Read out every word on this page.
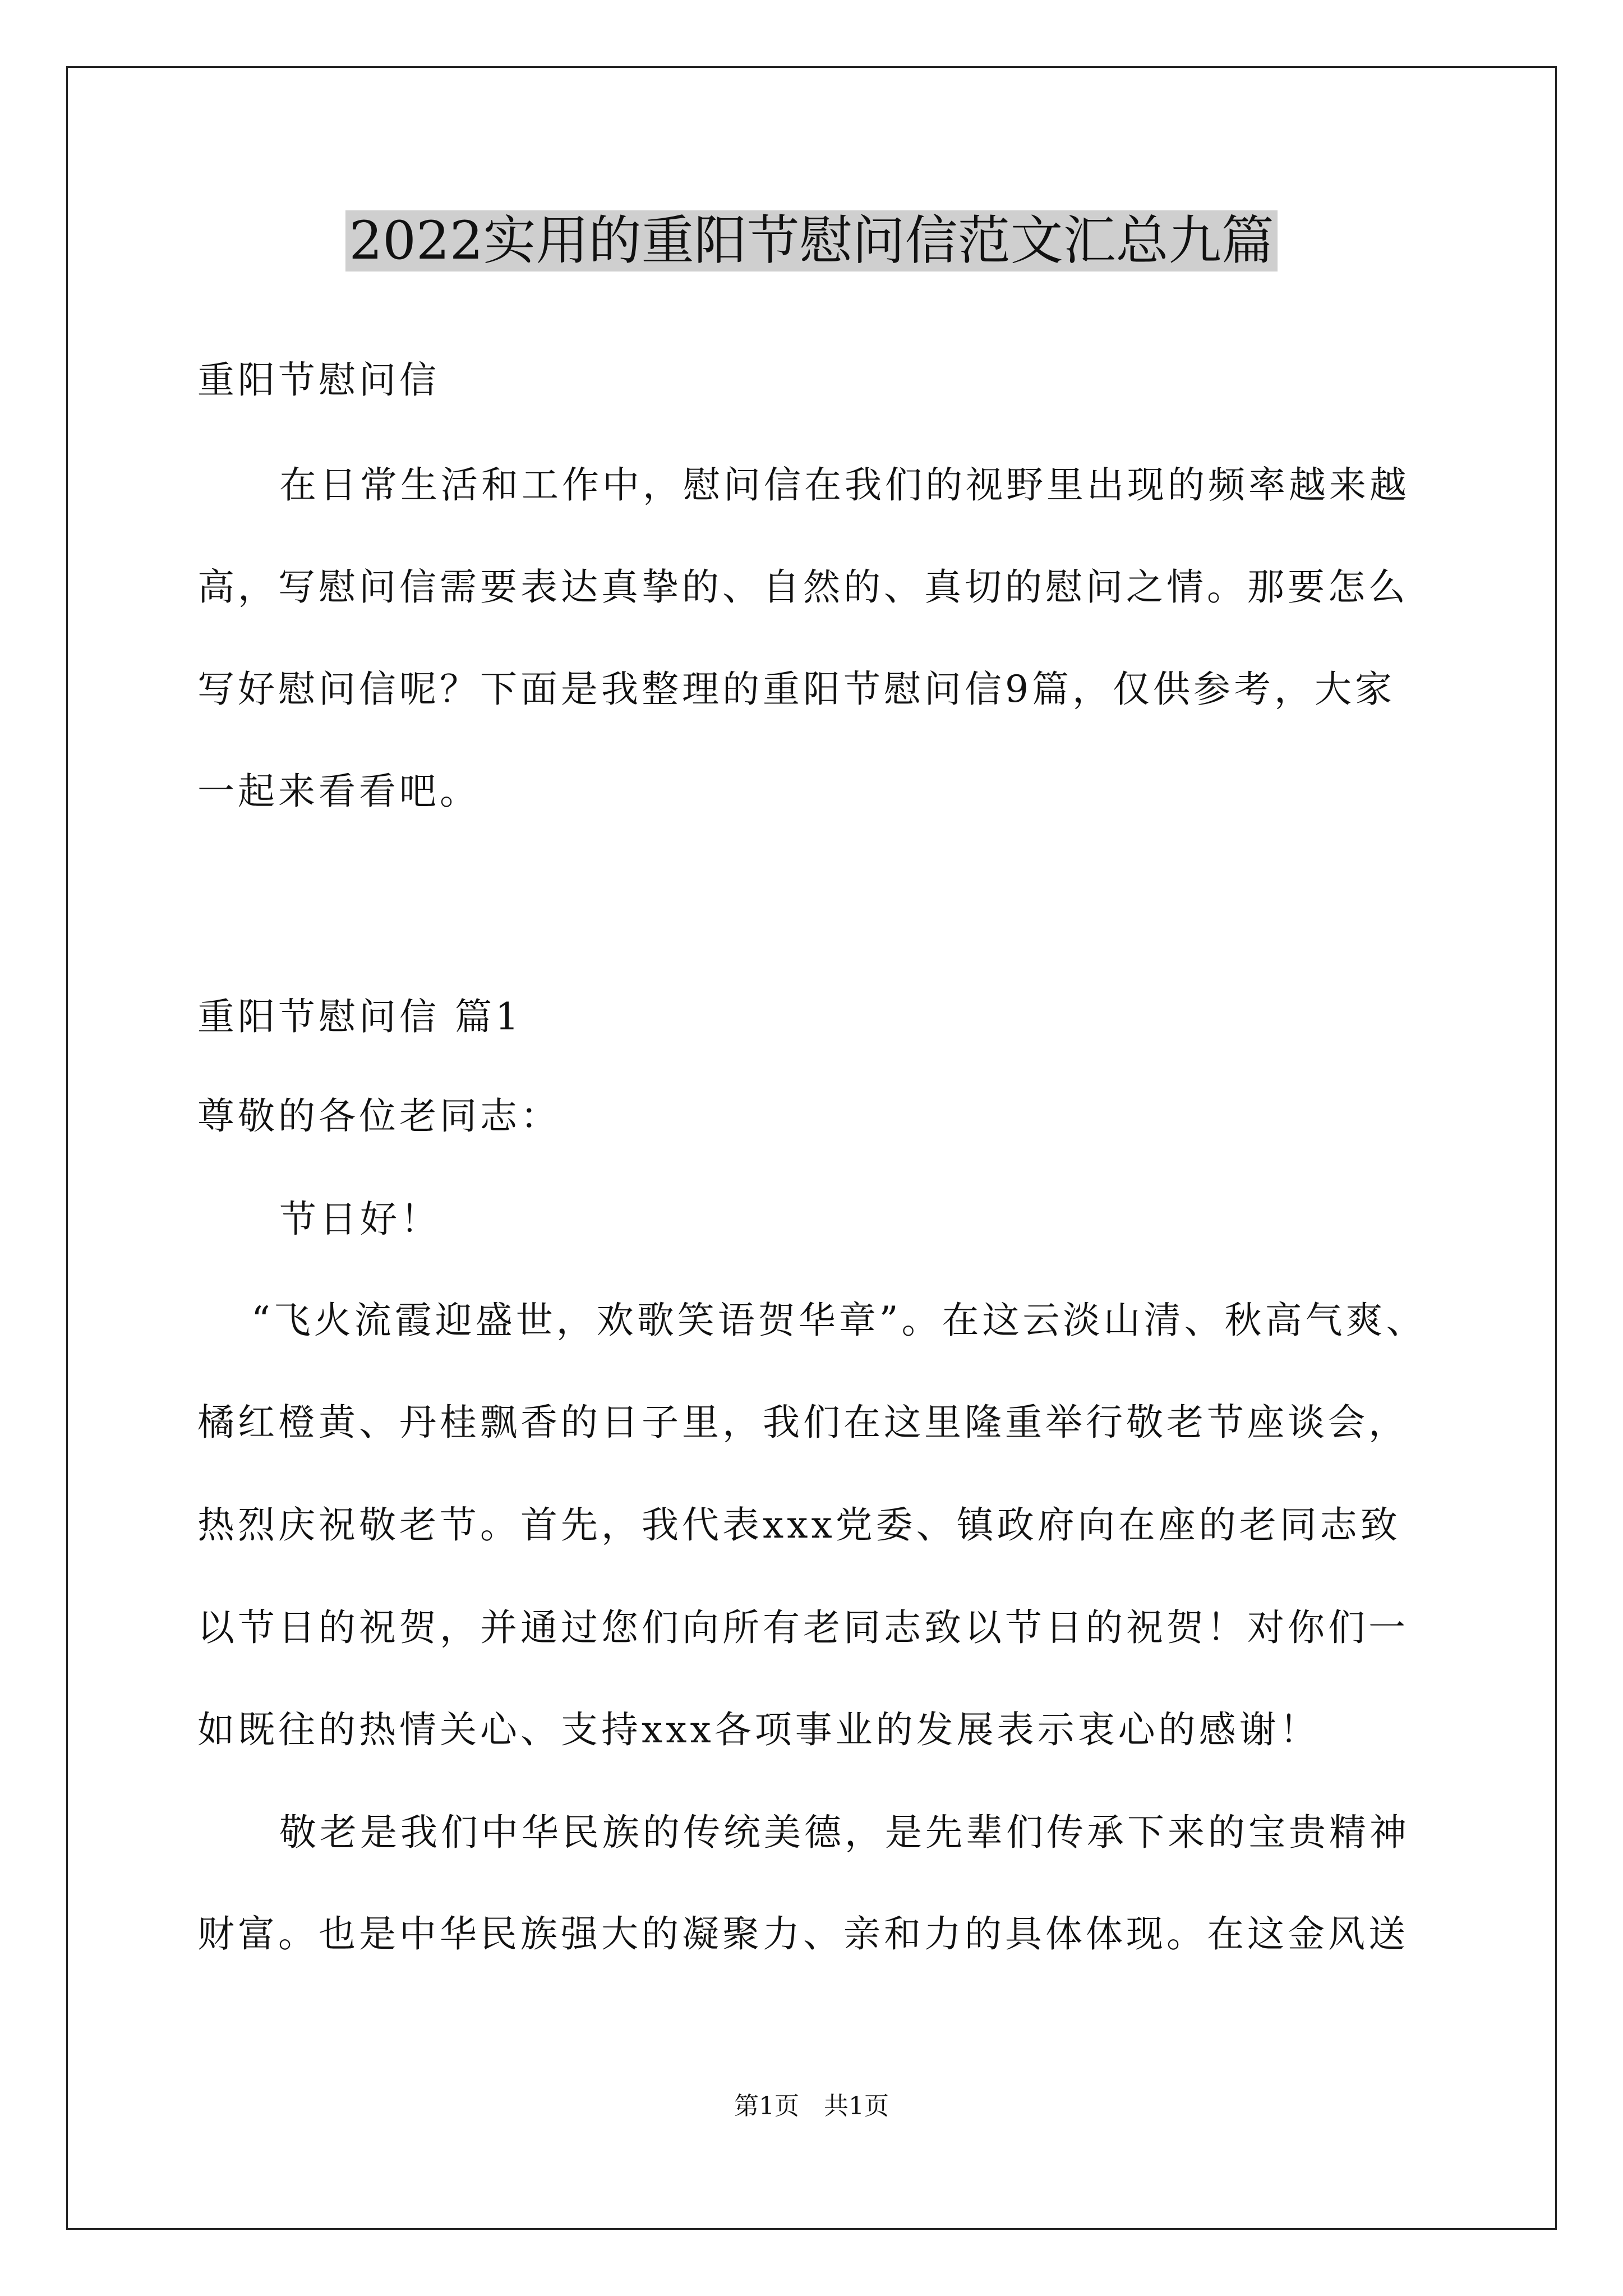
2022实用的重阳节慰问信范文汇总九篇

重阳节慰问信

在日常生活和工作中，慰问信在我们的视野里出现的频率越来越

高，写慰问信需要表达真挚的、自然的、真切的慰问之情。那要怎么

写好慰问信呢？下面是我整理的重阳节慰问信9篇，仅供参考，大家

一起来看看吧。

重阳节慰问信 篇1

尊敬的各位老同志：

节日好！

“飞火流霞迎盛世，欢歌笑语贺华章”。在这云淡山清、秋高气爽、

橘红橙黄、丹桂飘香的日子里，我们在这里隆重举行敬老节座谈会，

热烈庆祝敬老节。首先，我代表xxx党委、镇政府向在座的老同志致

以节日的祝贺，并通过您们向所有老同志致以节日的祝贺！对你们一

如既往的热情关心、支持xxx各项事业的发展表示衷心的感谢！

敬老是我们中华民族的传统美德，是先辈们传承下来的宝贵精神

财富。也是中华民族强大的凝聚力、亲和力的具体体现。在这金风送

第1页　共1页
